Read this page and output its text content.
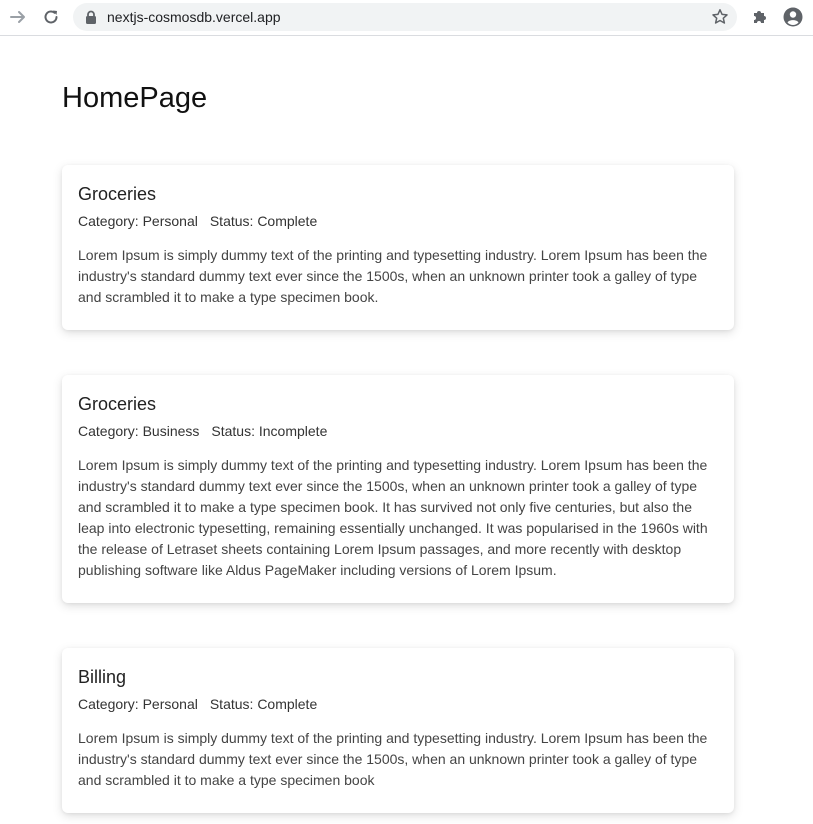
nextjs-cosmosdb.vercel.app
HomePage
Groceries
Category: Personal Status: Complete

Lorem Ipsum is simply dummy text of the printing and typesetting industry. Lorem Ipsum has been the industry's standard dummy text ever since the 1500s, when an unknown printer took a galley of type and scrambled it to make a type specimen book.

Groceries
Category: Business Status: Incomplete

Lorem Ipsum is simply dummy text of the printing and typesetting industry. Lorem Ipsum has been the industry's standard dummy text ever since the 1500s, when an unknown printer took a galley of type and scrambled it to make a type specimen book. It has survived not only five centuries, but also the leap into electronic typesetting, remaining essentially unchanged. It was popularised in the 1960s with the release of Letraset sheets containing Lorem Ipsum passages, and more recently with desktop publishing software like Aldus PageMaker including versions of Lorem Ipsum.

Billing
Category: Personal Status: Complete

Lorem Ipsum is simply dummy text of the printing and typesetting industry. Lorem Ipsum has been the industry's standard dummy text ever since the 1500s, when an unknown printer took a galley of type and scrambled it to make a type specimen book
